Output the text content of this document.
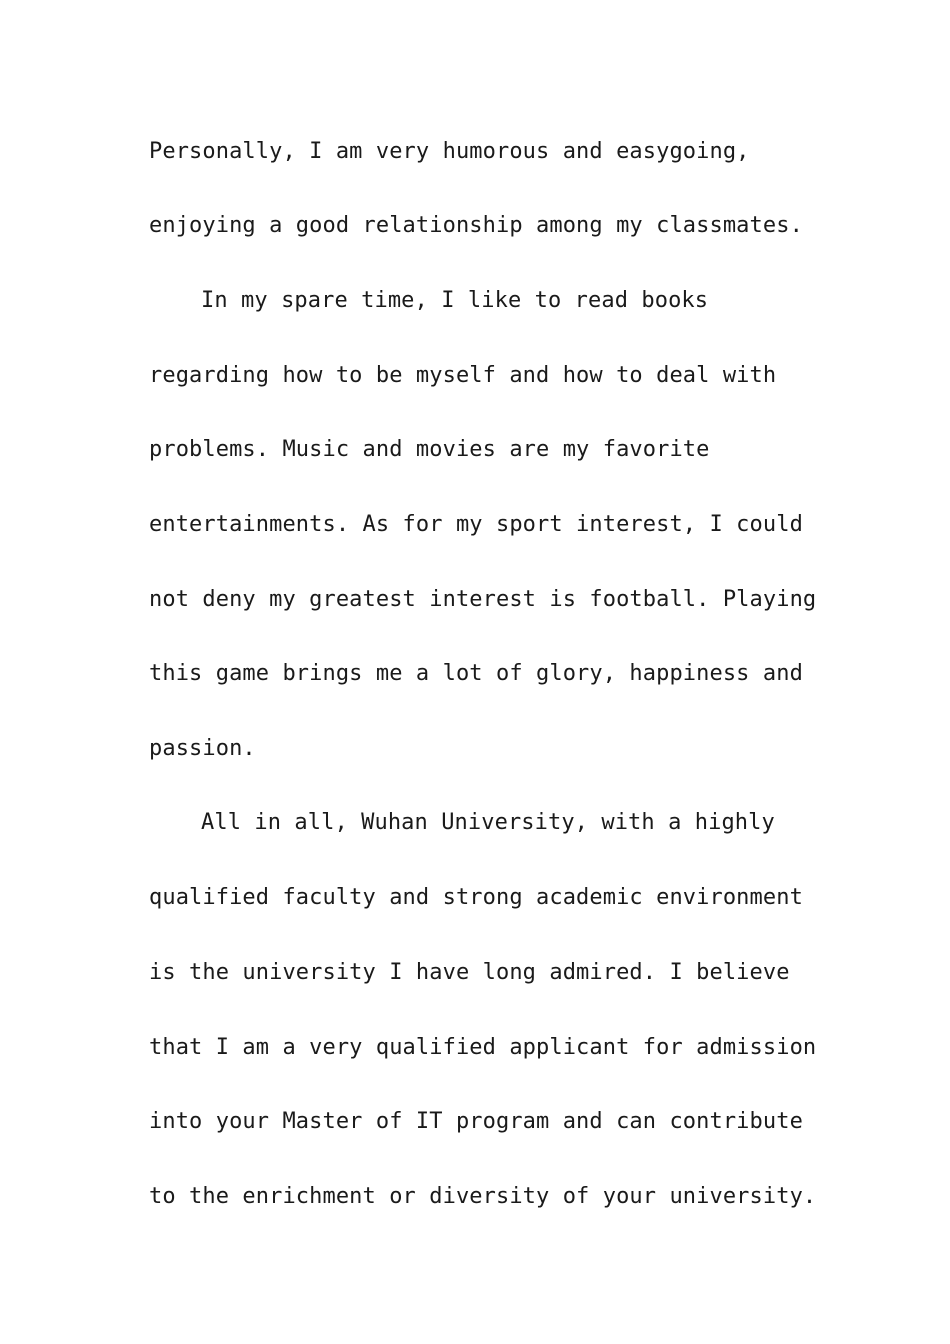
Personally, I am very humorous and easygoing,
enjoying a good relationship among my classmates.
In my spare time, I like to read books
regarding how to be myself and how to deal with
problems. Music and movies are my favorite
entertainments. As for my sport interest, I could
not deny my greatest interest is football. Playing
this game brings me a lot of glory, happiness and
passion.
All in all, Wuhan University, with a highly
qualified faculty and strong academic environment
is the university I have long admired. I believe
that I am a very qualified applicant for admission
into your Master of IT program and can contribute
to the enrichment or diversity of your university.
